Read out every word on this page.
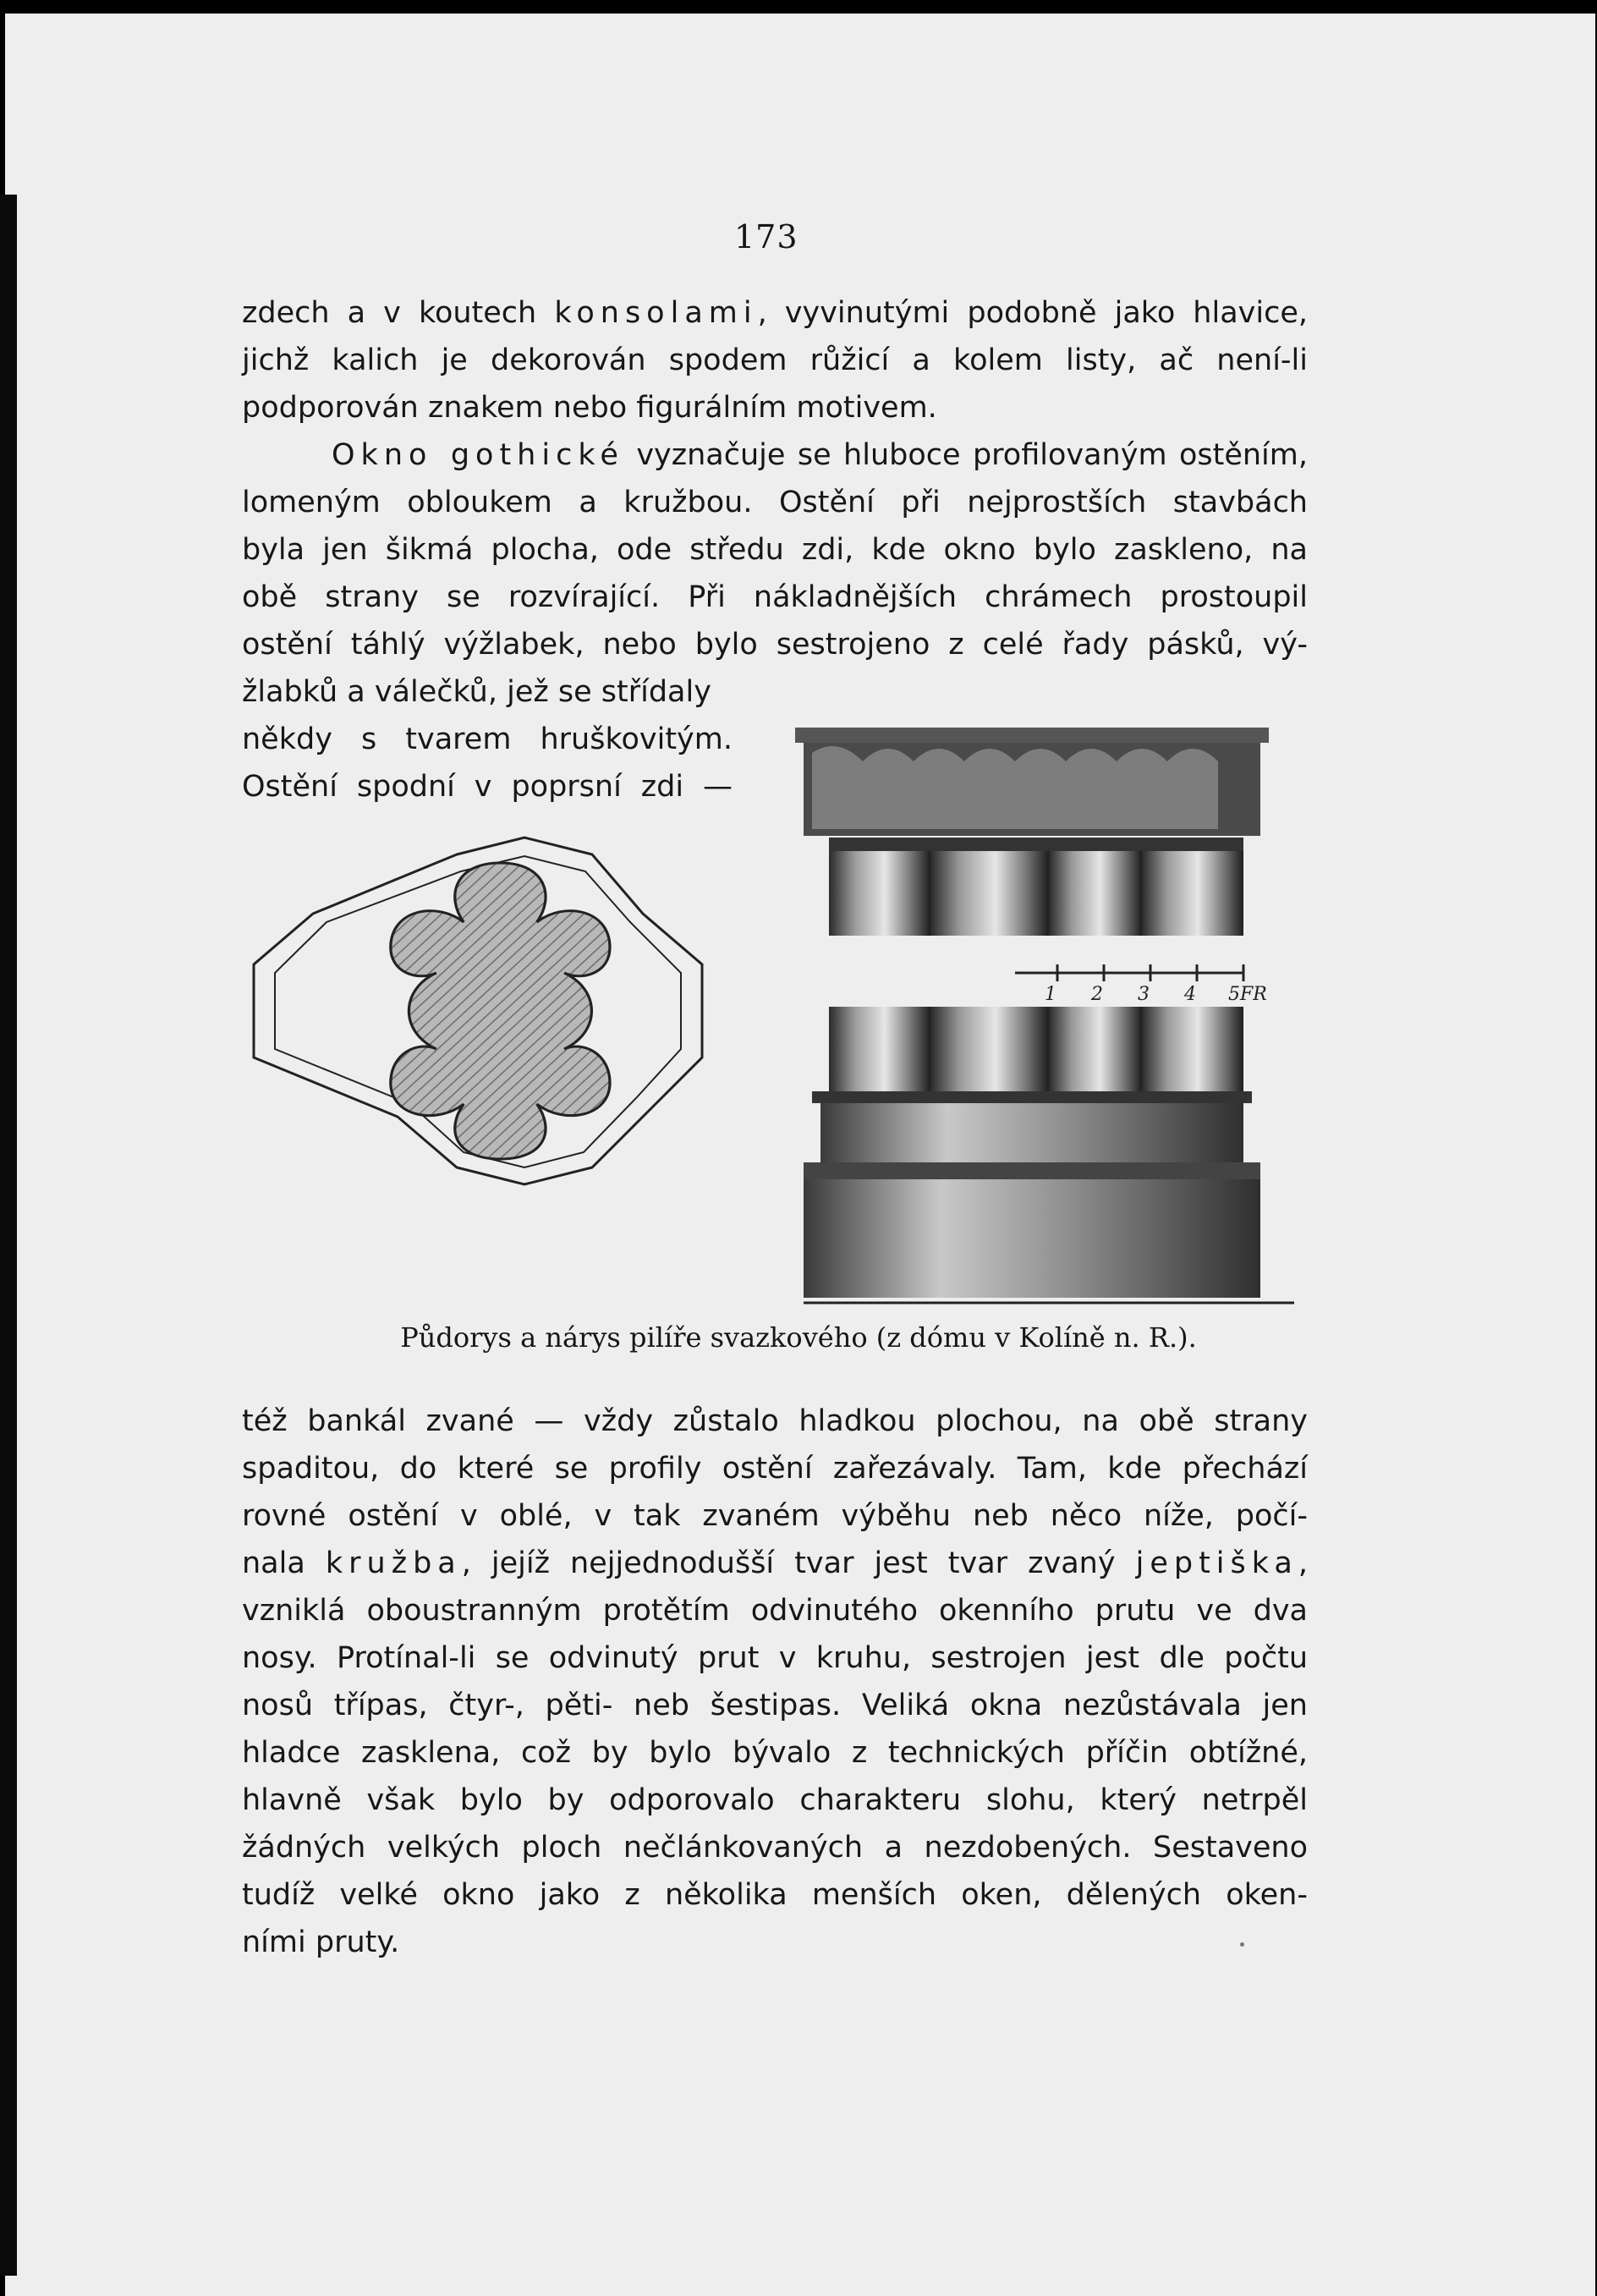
173
zdech a v koutech konsolami, vyvinutými podobně jako hlavice,
jichž kalich je dekorován spodem růžicí a kolem listy, ač není-li
podporován znakem nebo figurálním motivem.
Okno gothické vyznačuje se hluboce profilovaným ostěním,
lomeným obloukem a kružbou. Ostění při nejprostších stavbách
byla jen šikmá plocha, ode středu zdi, kde okno bylo zaskleno, na
obě strany se rozvírající. Při nákladnějších chrámech prostoupil
ostění táhlý výžlabek, nebo bylo sestrojeno z celé řady pásků, vý-
žlabků a válečků, jež se střídaly
někdy s tvarem hruškovitým.
Ostění spodní v poprsní zdi —
1 2 3 4 5FR
Půdorys a nárys pilíře svazkového (z dómu v Kolíně n. R.).
též bankál zvané — vždy zůstalo hladkou plochou, na obě strany
spaditou, do které se profily ostění zařezávaly. Tam, kde přechází
rovné ostění v oblé, v tak zvaném výběhu neb něco níže, počí-
nala kružba, jejíž nejjednodušší tvar jest tvar zvaný jeptiška,
vzniklá oboustranným protětím odvinutého okenního prutu ve dva
nosy. Protínal-li se odvinutý prut v kruhu, sestrojen jest dle počtu
nosů třípas, čtyr-, pěti- neb šestipas. Veliká okna nezůstávala jen
hladce zasklena, což by bylo bývalo z technických příčin obtížné,
hlavně však bylo by odporovalo charakteru slohu, který netrpěl
žádných velkých ploch nečlánkovaných a nezdobených. Sestaveno
tudíž velké okno jako z několika menších oken, dělených oken-
ními pruty.
